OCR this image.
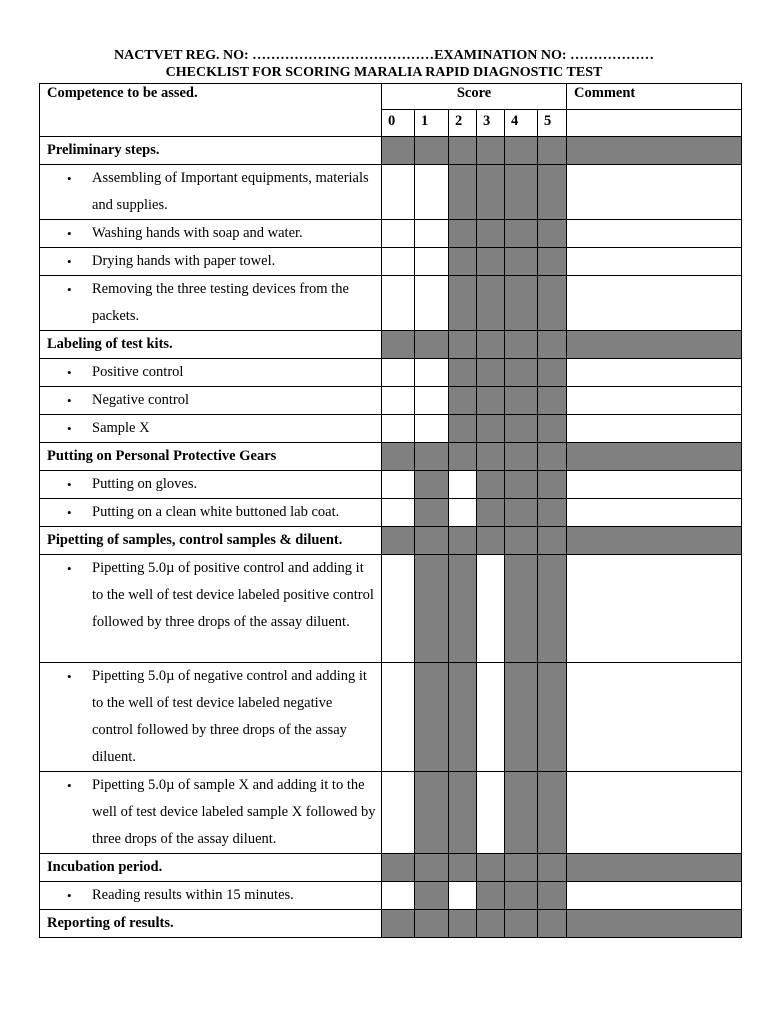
NACTVET REG. NO: …………………………………EXAMINATION NO: ………………
CHECKLIST FOR SCORING MARALIA RAPID DIAGNOSTIC TEST
Competence to be assed.	Score						Comment
	0	1	2	3	4	5	
Preliminary steps.							

• Assembling of Important equipments, materials and supplies.							

• Washing hands with soap and water.							

• Drying hands with paper towel.							

• Removing the three testing devices from the packets.							

Labeling of test kits.							

• Positive control							

• Negative control							

• Sample X							

Putting on Personal Protective Gears							

• Putting on gloves.							

• Putting on a clean white buttoned lab coat.							

Pipetting of samples, control samples & diluent.							

• Pipetting 5.0µ of positive control and adding it to the well of test device labeled positive control followed by three drops of the assay diluent.							

• Pipetting 5.0µ of negative control and adding it to the well of test device labeled negative control followed by three drops of the assay diluent.							

• Pipetting 5.0µ of sample X and adding it to the well of test device labeled sample X followed by three drops of the assay diluent.							

Incubation period.							

• Reading results within 15 minutes.							

Reporting of results.							
